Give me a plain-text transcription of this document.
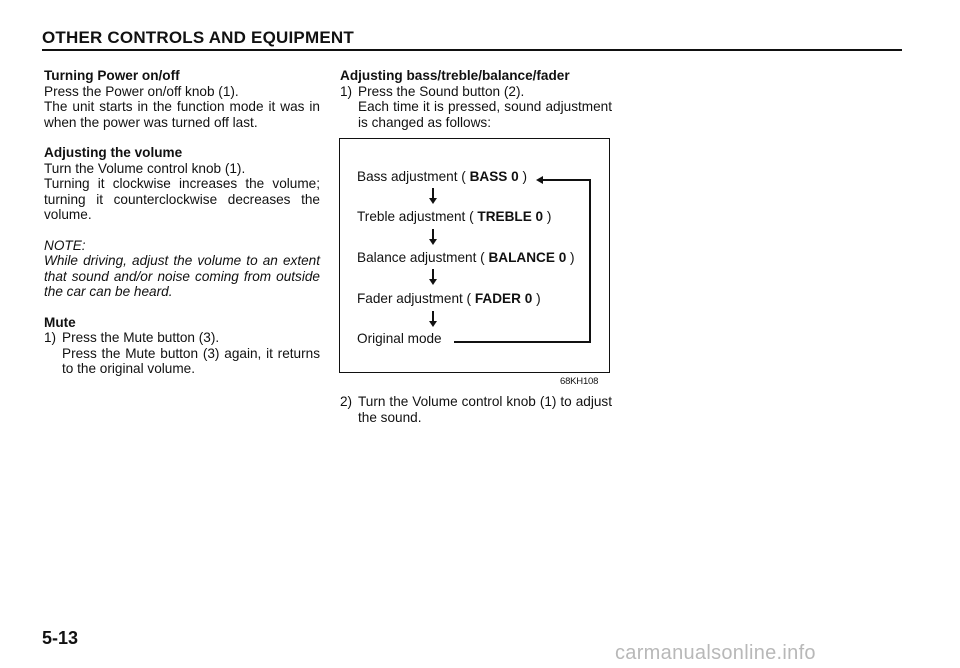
OTHER CONTROLS AND EQUIPMENT
Turning Power on/off
Press the Power on/off knob (1).
The unit starts in the function mode it was in when the power was turned off last.
Adjusting the volume
Turn the Volume control knob (1).
Turning it clockwise increases the volume; turning it counterclockwise decreases the volume.
NOTE:
While driving, adjust the volume to an extent that sound and/or noise coming from outside the car can be heard.
Mute
1) Press the Mute button (3).
Press the Mute button (3) again, it returns to the original volume.
Adjusting bass/treble/balance/fader
1) Press the Sound button (2).
Each time it is pressed, sound adjustment is changed as follows:
Bass adjustment ( BASS 0 )
Treble adjustment ( TREBLE 0 )
Balance adjustment ( BALANCE 0 )
Fader adjustment ( FADER 0 )
Original mode
68KH108
2) Turn the Volume control knob (1) to adjust the sound.
5-13
carmanualsonline.info
